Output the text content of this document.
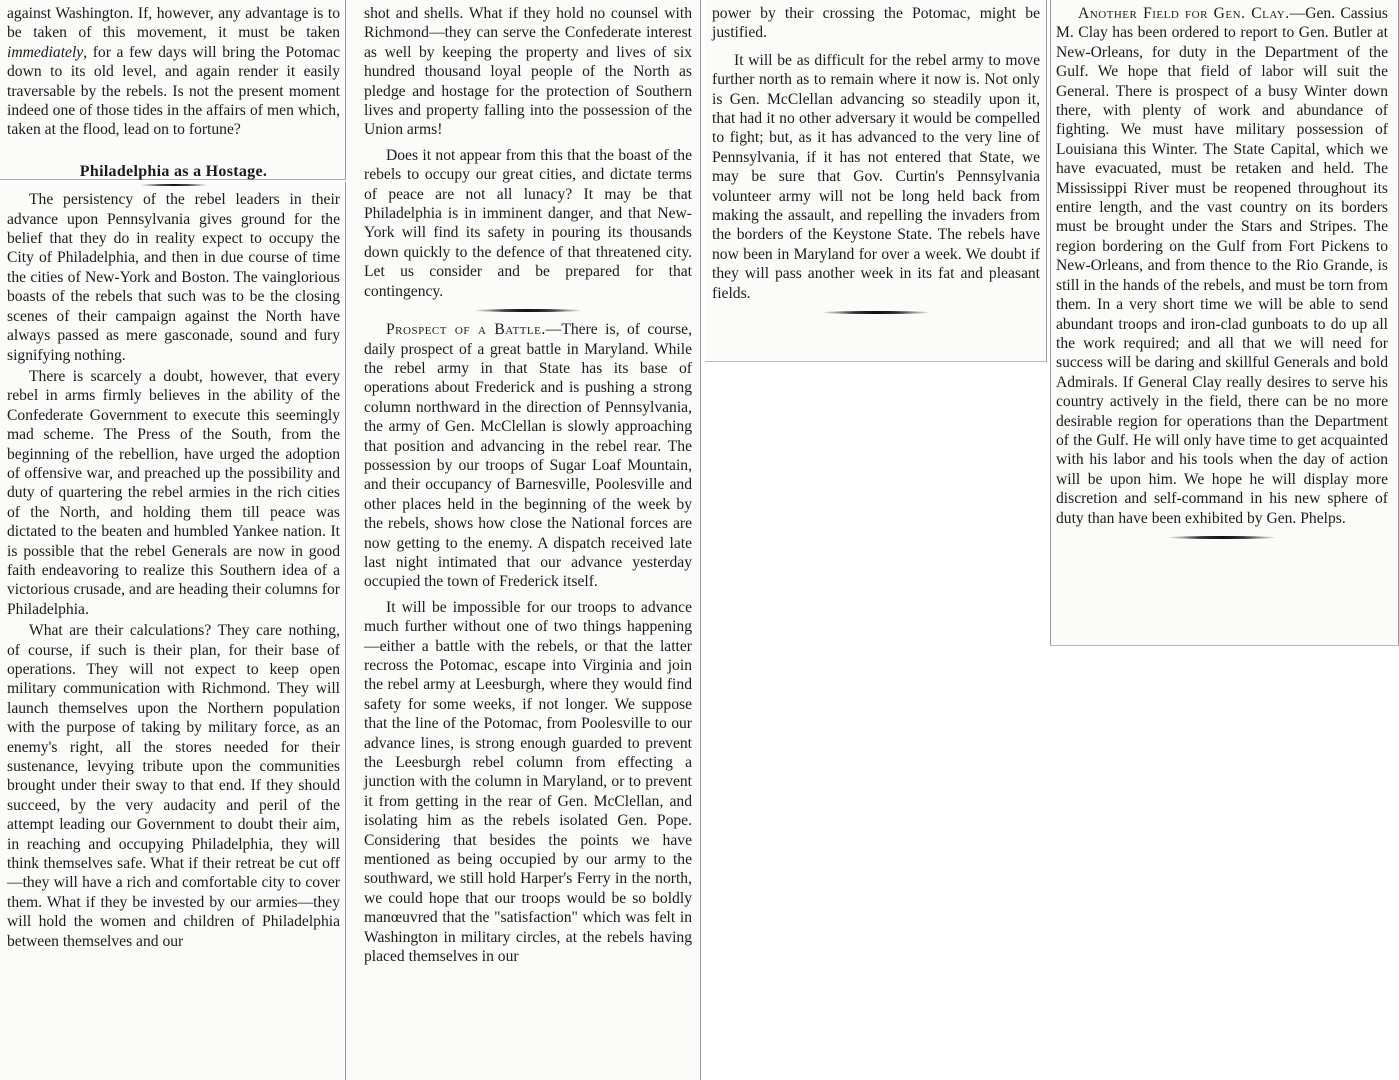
against Washington. If, however, any advantage is to be taken of this movement, it must be taken immediately, for a few days will bring the Potomac down to its old level, and again render it easily traversable by the rebels. Is not the present moment indeed one of those tides in the affairs of men which, taken at the flood, lead on to fortune?

Philadelphia as a Hostage.

The persistency of the rebel leaders in their advance upon Pennsylvania gives ground for the belief that they do in reality expect to occupy the City of Philadelphia, and then in due course of time the cities of New-York and Boston. The vainglorious boasts of the rebels that such was to be the closing scenes of their campaign against the North have always passed as mere gasconade, sound and fury signifying nothing.

There is scarcely a doubt, however, that every rebel in arms firmly believes in the ability of the Confederate Government to execute this seemingly mad scheme. The Press of the South, from the beginning of the rebellion, have urged the adoption of offensive war, and preached up the possibility and duty of quartering the rebel armies in the rich cities of the North, and holding them till peace was dictated to the beaten and humbled Yankee nation. It is possible that the rebel Generals are now in good faith endeavoring to realize this Southern idea of a victorious crusade, and are heading their columns for Philadelphia.

What are their calculations? They care nothing, of course, if such is their plan, for their base of operations. They will not expect to keep open military communication with Richmond. They will launch themselves upon the Northern population with the purpose of taking by military force, as an enemy's right, all the stores needed for their sustenance, levying tribute upon the communities brought under their sway to that end. If they should succeed, by the very audacity and peril of the attempt leading our Government to doubt their aim, in reaching and occupying Philadelphia, they will think themselves safe. What if their retreat be cut off—they will have a rich and comfortable city to cover them. What if they be invested by our armies—they will hold the women and children of Philadelphia between themselves and our

shot and shells. What if they hold no counsel with Richmond—they can serve the Confederate interest as well by keeping the property and lives of six hundred thousand loyal people of the North as pledge and hostage for the protection of Southern lives and property falling into the possession of the Union arms!

Does it not appear from this that the boast of the rebels to occupy our great cities, and dictate terms of peace are not all lunacy? It may be that Philadelphia is in imminent danger, and that New-York will find its safety in pouring its thousands down quickly to the defence of that threatened city. Let us consider and be prepared for that contingency.

Prospect of a Battle.—There is, of course, daily prospect of a great battle in Maryland. While the rebel army in that State has its base of operations about Frederick and is pushing a strong column northward in the direction of Pennsylvania, the army of Gen. McClellan is slowly approaching that position and advancing in the rebel rear. The possession by our troops of Sugar Loaf Mountain, and their occupancy of Barnesville, Poolesville and other places held in the beginning of the week by the rebels, shows how close the National forces are now getting to the enemy. A dispatch received late last night intimated that our advance yesterday occupied the town of Frederick itself.

It will be impossible for our troops to advance much further without one of two things happening—either a battle with the rebels, or that the latter recross the Potomac, escape into Virginia and join the rebel army at Leesburgh, where they would find safety for some weeks, if not longer. We suppose that the line of the Potomac, from Poolesville to our advance lines, is strong enough guarded to prevent the Leesburgh rebel column from effecting a junction with the column in Maryland, or to prevent it from getting in the rear of Gen. McClellan, and isolating him as the rebels isolated Gen. Pope. Considering that besides the points we have mentioned as being occupied by our army to the southward, we still hold Harper's Ferry in the north, we could hope that our troops would be so boldly manœuvred that the "satisfaction" which was felt in Washington in military circles, at the rebels having placed themselves in our

power by their crossing the Potomac, might be justified.

It will be as difficult for the rebel army to move further north as to remain where it now is. Not only is Gen. McClellan advancing so steadily upon it, that had it no other adversary it would be compelled to fight; but, as it has advanced to the very line of Pennsylvania, if it has not entered that State, we may be sure that Gov. Curtin's Pennsylvania volunteer army will not be long held back from making the assault, and repelling the invaders from the borders of the Keystone State. The rebels have now been in Maryland for over a week. We doubt if they will pass another week in its fat and pleasant fields.

Another Field for Gen. Clay.—Gen. Cassius M. Clay has been ordered to report to Gen. Butler at New-Orleans, for duty in the Department of the Gulf. We hope that field of labor will suit the General. There is prospect of a busy Winter down there, with plenty of work and abundance of fighting. We must have military possession of Louisiana this Winter. The State Capital, which we have evacuated, must be retaken and held. The Mississippi River must be reopened throughout its entire length, and the vast country on its borders must be brought under the Stars and Stripes. The region bordering on the Gulf from Fort Pickens to New-Orleans, and from thence to the Rio Grande, is still in the hands of the rebels, and must be torn from them. In a very short time we will be able to send abundant troops and iron-clad gunboats to do up all the work required; and all that we will need for success will be daring and skillful Generals and bold Admirals. If General Clay really desires to serve his country actively in the field, there can be no more desirable region for operations than the Department of the Gulf. He will only have time to get acquainted with his labor and his tools when the day of action will be upon him. We hope he will display more discretion and self-command in his new sphere of duty than have been exhibited by Gen. Phelps.
